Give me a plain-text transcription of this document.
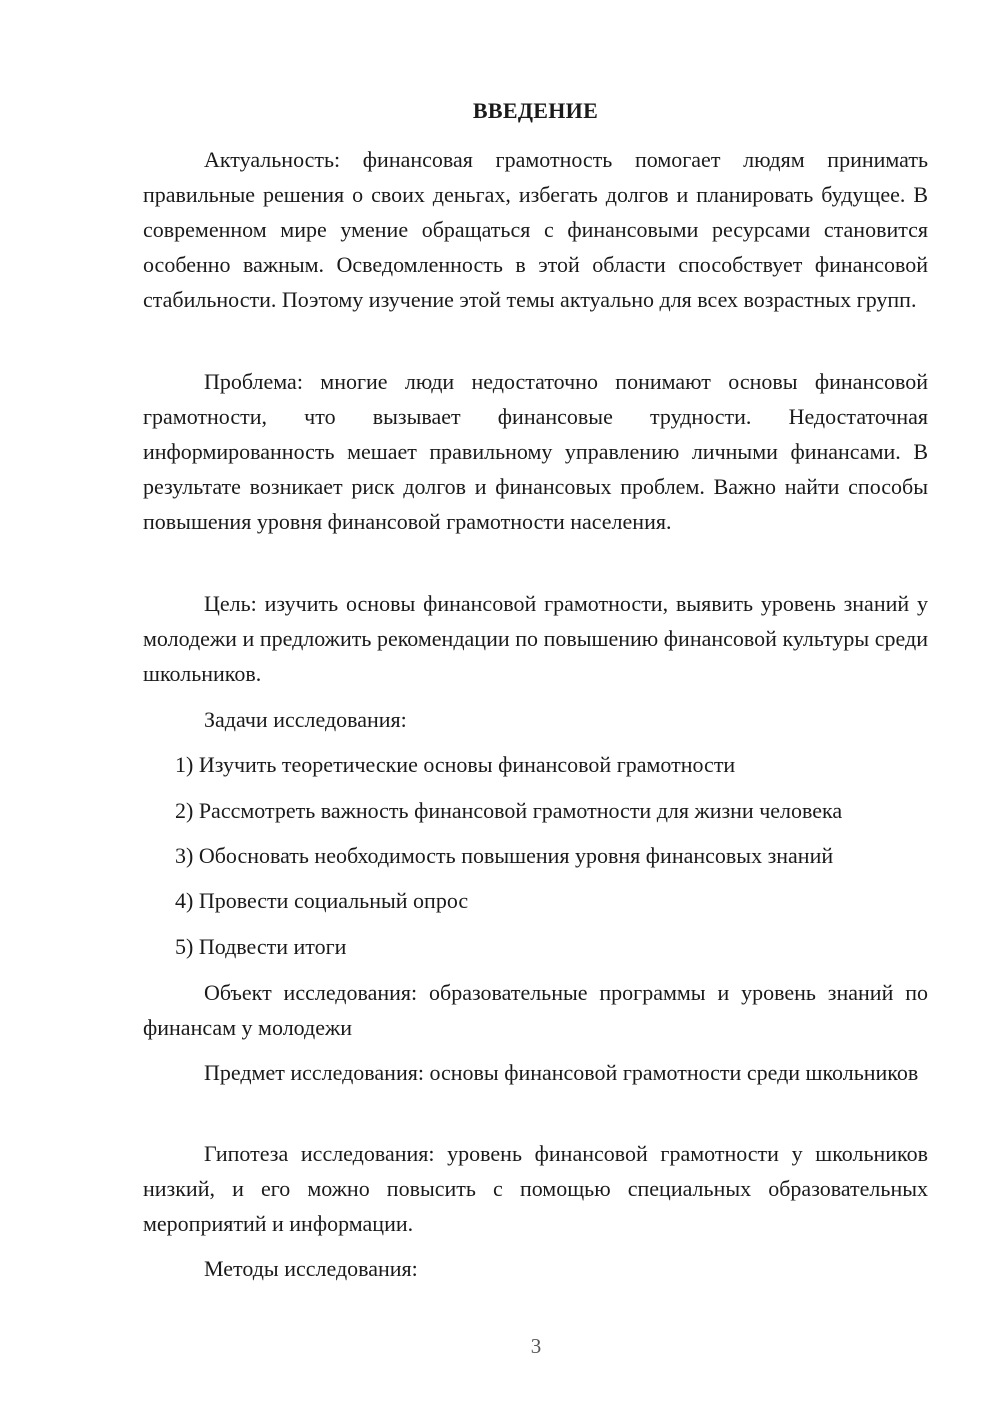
ВВЕДЕНИЕ

Актуальность: финансовая грамотность помогает людям принимать правильные решения о своих деньгах, избегать долгов и планировать будущее. В современном мире умение обращаться с финансовыми ресурсами становится особенно важным. Осведомленность в этой области способствует финансовой стабильности. Поэтому изучение этой темы актуально для всех возрастных групп.

Проблема: многие люди недостаточно понимают основы финансовой грамотности, что вызывает финансовые трудности. Недостаточная информированность мешает правильному управлению личными финансами. В результате возникает риск долгов и финансовых проблем. Важно найти способы повышения уровня финансовой грамотности населения.

Цель: изучить основы финансовой грамотности, выявить уровень знаний у молодежи и предложить рекомендации по повышению финансовой культуры среди школьников.

Задачи исследования:

1) Изучить теоретические основы финансовой грамотности
2) Рассмотреть важность финансовой грамотности для жизни человека
3) Обосновать необходимость повышения уровня финансовых знаний
4) Провести социальный опрос
5) Подвести итоги

Объект исследования: образовательные программы и уровень знаний по финансам у молодежи

Предмет исследования: основы финансовой грамотности среди школьников

Гипотеза исследования: уровень финансовой грамотности у школьников низкий, и его можно повысить с помощью специальных образовательных мероприятий и информации.

Методы исследования:

3
